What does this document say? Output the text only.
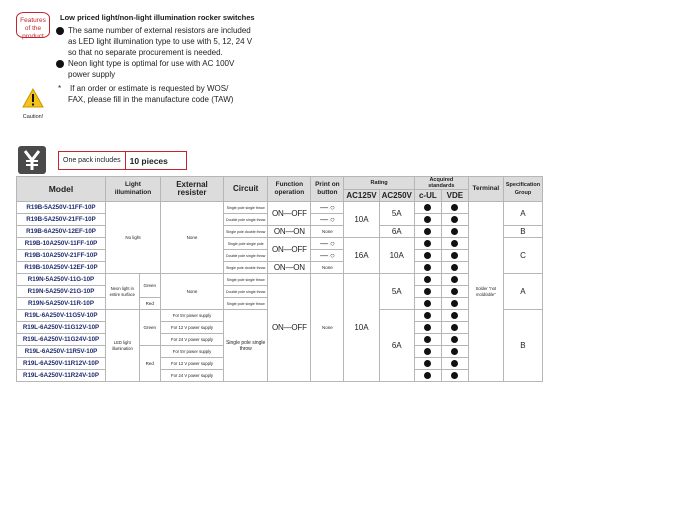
Features of the product
Low priced light/non-light illumination rocker switches
The same number of external resistors are included
as LED light illumination type to use with 5, 12, 24 V
so that no separate procurement is needed.
Neon light type is optimal for use with AC 100V
power supply
*	If an order or estimate is requested by WOS/
FAX, please fill in the manufacture code (TAW)
Caution!
One pack includes	10 pieces
Model	Light illumination		External resister	Circuit	Function operation	Print on button	Rating		Acquired standards		Terminal	Specification Group
							AC125V	AC250V	c-UL	VDE		
R19B-5A250V-11FF-10P	No light		None	Single pole single throw	ON—OFF	— ○	10A	5A			Solder "not mold/able"	A
R19B-5A250V-21FF-10P				Double pole single throw		— ○						
R19B-6A250V-12EF-10P				Single pole double throw	ON—ON	None		6A				B
R19B-10A250V-11FF-10P				Single pole single pole	ON—OFF	— ○	16A	10A				C
R19B-10A250V-21FF-10P				Double pole single throw		— ○						
R19B-10A250V-12EF-10P				Single pole double throw	ON—ON	None						
R19N-5A250V-11G-10P	Neon light in entire surface	Green	None	Single pole single throw	ON—OFF	None	10A	5A				A
R19N-5A250V-21G-10P				Double pole single throw								
R19N-5A250V-11R-10P		Red		Single pole single throw								
R19L-6A250V-11G5V-10P	LED light illumination	Green	For 5V power supply	Single pole single throw				6A				B
R19L-6A250V-11G12V-10P			For 12 V power supply									
R19L-6A250V-11G24V-10P			For 24 V power supply									
R19L-6A250V-11R5V-10P		Red	For 5V power supply									
R19L-6A250V-11R12V-10P			For 12 V power supply									
R19L-6A250V-11R24V-10P			For 24 V power supply									
